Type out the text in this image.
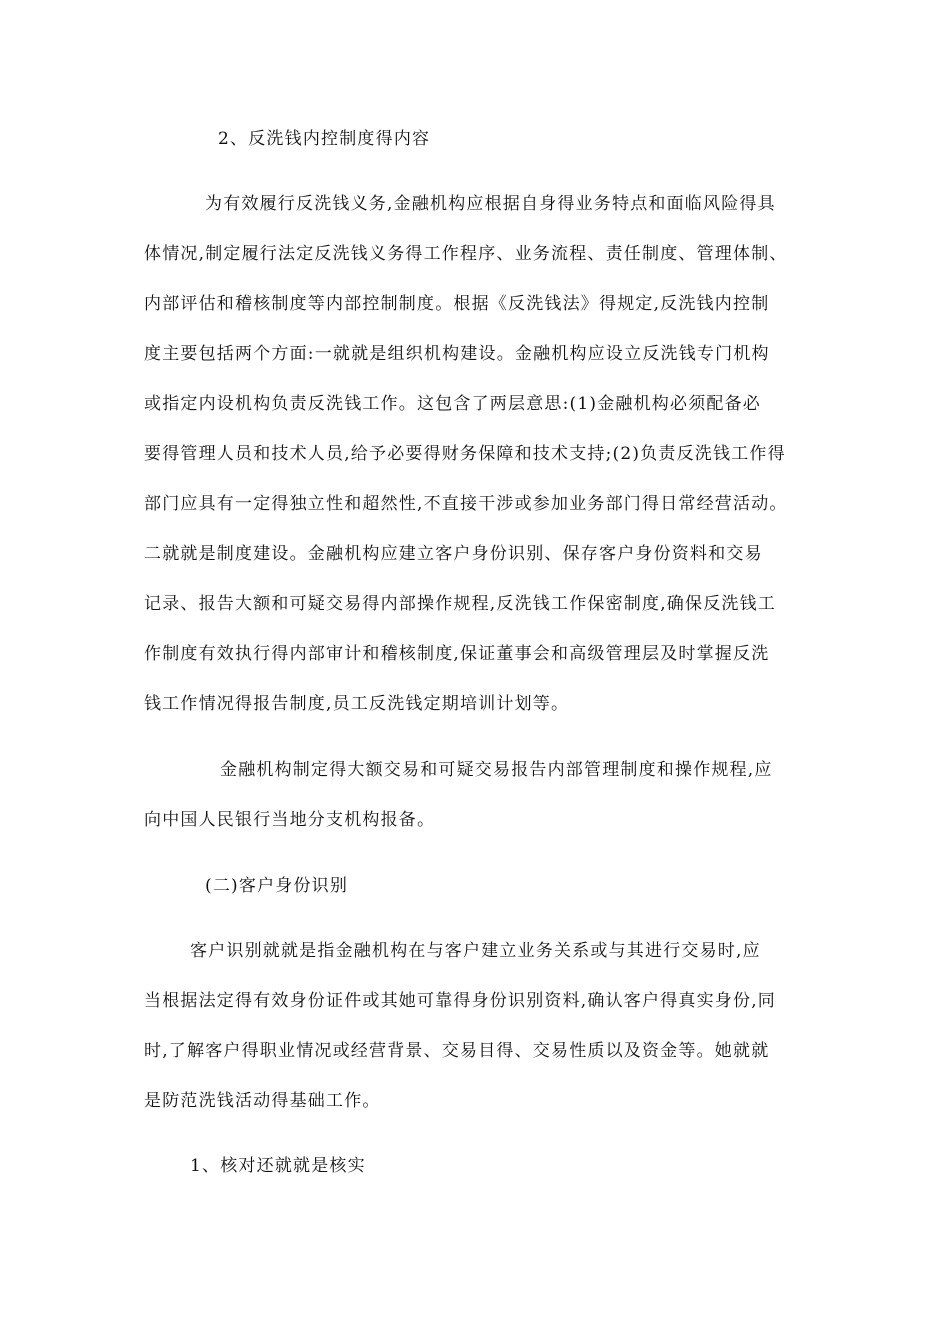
2、反洗钱内控制度得内容
为有效履行反洗钱义务,金融机构应根据自身得业务特点和面临风险得具
体情况,制定履行法定反洗钱义务得工作程序、业务流程、责任制度、管理体制、
内部评估和稽核制度等内部控制制度。根据《反洗钱法》得规定,反洗钱内控制
度主要包括两个方面:一就就是组织机构建设。金融机构应设立反洗钱专门机构
或指定内设机构负责反洗钱工作。这包含了两层意思:(1)金融机构必须配备必
要得管理人员和技术人员,给予必要得财务保障和技术支持;(2)负责反洗钱工作得
部门应具有一定得独立性和超然性,不直接干涉或参加业务部门得日常经营活动。
二就就是制度建设。金融机构应建立客户身份识别、保存客户身份资料和交易
记录、报告大额和可疑交易得内部操作规程,反洗钱工作保密制度,确保反洗钱工
作制度有效执行得内部审计和稽核制度,保证董事会和高级管理层及时掌握反洗
钱工作情况得报告制度,员工反洗钱定期培训计划等。
金融机构制定得大额交易和可疑交易报告内部管理制度和操作规程,应
向中国人民银行当地分支机构报备。
(二)客户身份识别
客户识别就就是指金融机构在与客户建立业务关系或与其进行交易时,应
当根据法定得有效身份证件或其她可靠得身份识别资料,确认客户得真实身份,同
时,了解客户得职业情况或经营背景、交易目得、交易性质以及资金等。她就就
是防范洗钱活动得基础工作。
1、核对还就就是核实
